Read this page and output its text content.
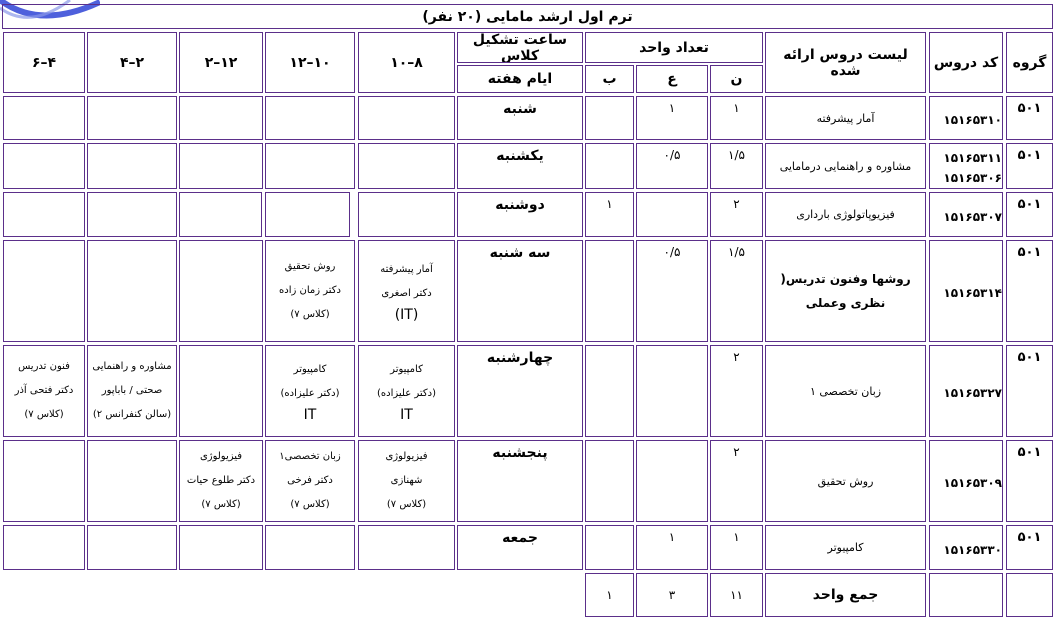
ترم اول ارشد مامایی (۲۰ نفر)
گروه
کد دروس
لیست دروس ارائه شده
تعداد واحد
ن
ع
ب
ساعت تشکیل کلاس
ایام هفته
۸–۱۰
۱۰–۱۲
۱۲–۲
۲–۴
۴–۶
۵۰۱
۱۵۱۶۵۳۱۰
آمار پیشرفته
۱
۱
شنبه
۵۰۱
۱۵۱۶۵۳۱۱
۱۵۱۶۵۳۰۶
مشاوره و راهنمایی درمامایی
۱/۵
۰/۵
یکشنبه
۵۰۱
۱۵۱۶۵۳۰۷
فیزیوپاتولوژی بارداری
۲
۱
دوشنبه
۵۰۱
۱۵۱۶۵۳۱۴
روشها وفنون تدریس( نظری وعملی
۱/۵
۰/۵
سه شنبه
آمار پیشرفته
دکتر اصغری
(IT)
روش تحقیق
دکتر زمان زاده
(کلاس ۷)
۵۰۱
۱۵۱۶۵۳۲۷
زبان تخصصی ۱
۲
چهارشنبه
کامپیوتر
(دکتر علیزاده)
IT
کامپیوتر
(دکتر علیزاده)
IT
مشاوره و راهنمایی
صحتی / باباپور
(سالن کنفرانس ۲)
فنون تدریس
دکتر فتحی آذر
(کلاس ۷)
۵۰۱
۱۵۱۶۵۳۰۹
روش تحقیق
۲
پنجشنبه
فیزیولوژی
شهنازی
(کلاس ۷)
زبان تخصصی۱
دکتر فرخی
(کلاس ۷)
فیزیولوژی
دکتر طلوع حیات
(کلاس ۷)
۵۰۱
۱۵۱۶۵۳۳۰
کامپیوتر
۱
۱
جمعه
جمع واحد
۱۱
۳
۱
